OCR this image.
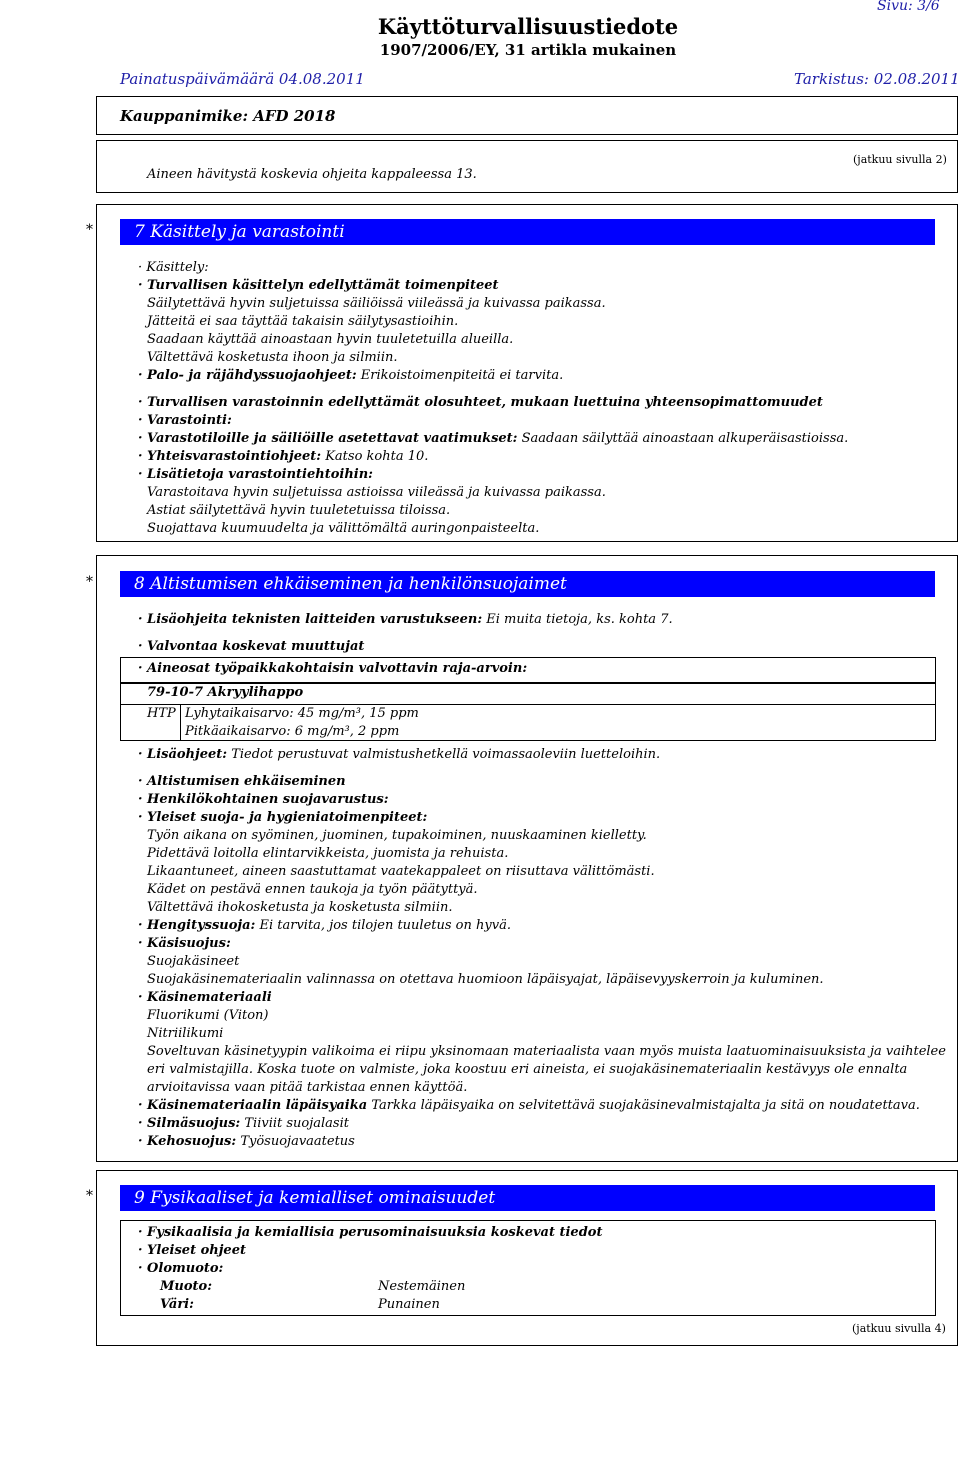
Sivu: 3/6
Käyttöturvallisuustiedote
1907/2006/EY, 31 artikla mukainen
Painatuspäivämäärä 04.08.2011	Tarkistus: 02.08.2011
Kauppanimike: AFD 2018
(jatkuu sivulla 2)
Aineen hävitystä koskevia ohjeita kappaleessa 13.
*	7 Käsittely ja varastointi
· Käsittely:
· Turvallisen käsittelyn edellyttämät toimenpiteet
Säilytettävä hyvin suljetuissa säiliöissä viileässä ja kuivassa paikassa.
Jätteitä ei saa täyttää takaisin säilytysastioihin.
Saadaan käyttää ainoastaan hyvin tuuletetuilla alueilla.
Vältettävä kosketusta ihoon ja silmiin.
· Palo- ja räjähdyssuojaohjeet: Erikoistoimenpiteitä ei tarvita.
· Turvallisen varastoinnin edellyttämät olosuhteet, mukaan luettuina yhteensopimattomuudet
· Varastointi:
· Varastotiloille ja säiliöille asetettavat vaatimukset: Saadaan säilyttää ainoastaan alkuperäisastioissa.
· Yhteisvarastointiohjeet: Katso kohta 10.
· Lisätietoja varastointiehtoihin:
Varastoitava hyvin suljetuissa astioissa viileässä ja kuivassa paikassa.
Astiat säilytettävä hyvin tuuletetuissa tiloissa.
Suojattava kuumuudelta ja välittömältä auringonpaisteelta.
*	8 Altistumisen ehkäiseminen ja henkilönsuojaimet
· Lisäohjeita teknisten laitteiden varustukseen: Ei muita tietoja, ks. kohta 7.
· Valvontaa koskevat muuttujat
· Aineosat työpaikkakohtaisin valvottavin raja-arvoin:
79-10-7 Akryylihappo
HTP Lyhytaikaisarvo: 45 mg/m³, 15 ppm
Pitkäaikaisarvo: 6 mg/m³, 2 ppm
· Lisäohjeet: Tiedot perustuvat valmistushetkellä voimassaoleviin luetteloihin.
· Altistumisen ehkäiseminen
· Henkilökohtainen suojavarustus:
· Yleiset suoja- ja hygieniatoimenpiteet:
Työn aikana on syöminen, juominen, tupakoiminen, nuuskaaminen kielletty.
Pidettävä loitolla elintarvikkeista, juomista ja rehuista.
Likaantuneet, aineen saastuttamat vaatekappaleet on riisuttava välittömästi.
Kädet on pestävä ennen taukoja ja työn päätyttyä.
Vältettävä ihokosketusta ja kosketusta silmiin.
· Hengityssuoja: Ei tarvita, jos tilojen tuuletus on hyvä.
· Käsisuojus:
Suojakäsineet
Suojakäsinemateriaalin valinnassa on otettava huomioon läpäisyajat, läpäisevyyskerroin ja kuluminen.
· Käsinemateriaali
Fluorikumi (Viton)
Nitriilikumi
Soveltuvan käsinetyypin valikoima ei riipu yksinomaan materiaalista vaan myös muista laatuominaisuuksista ja vaihtelee
eri valmistajilla. Koska tuote on valmiste, joka koostuu eri aineista, ei suojakäsinemateriaalin kestävyys ole ennalta
arvioitavissa vaan pitää tarkistaa ennen käyttöä.
· Käsinemateriaalin läpäisyaika Tarkka läpäisyaika on selvitettävä suojakäsinevalmistajalta ja sitä on noudatettava.
· Silmäsuojus: Tiiviit suojalasit
· Kehosuojus: Työsuojavaatetus
*	9 Fysikaaliset ja kemialliset ominaisuudet
· Fysikaalisia ja kemiallisia perusominaisuuksia koskevat tiedot
· Yleiset ohjeet
· Olomuoto:
Muoto:	Nestemäinen
Väri:	Punainen
(jatkuu sivulla 4)
